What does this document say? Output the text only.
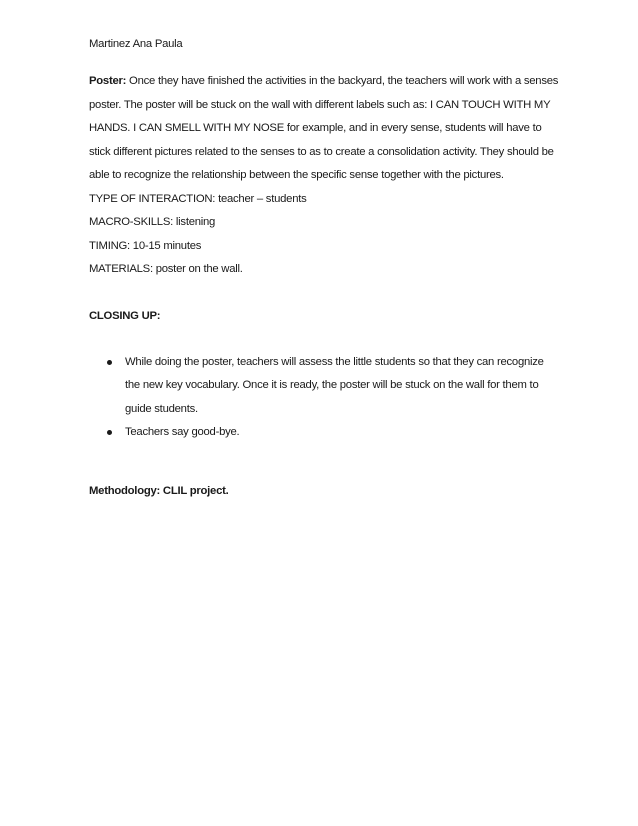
Martinez Ana Paula

Poster: Once they have finished the activities in the backyard, the teachers will work with a senses poster. The poster will be stuck on the wall with different labels such as: I CAN TOUCH WITH MY HANDS. I CAN SMELL WITH MY NOSE for example, and in every sense, students will have to stick different pictures related to the senses to as to create a consolidation activity. They should be able to recognize the relationship between the specific sense together with the pictures.

TYPE OF INTERACTION: teacher – students

MACRO-SKILLS: listening

TIMING: 10-15 minutes

MATERIALS: poster on the wall.

CLOSING UP:
While doing the poster, teachers will assess the little students so that they can recognize the new key vocabulary. Once it is ready, the poster will be stuck on the wall for them to guide students.
Teachers say good-bye.
Methodology: CLIL project.
